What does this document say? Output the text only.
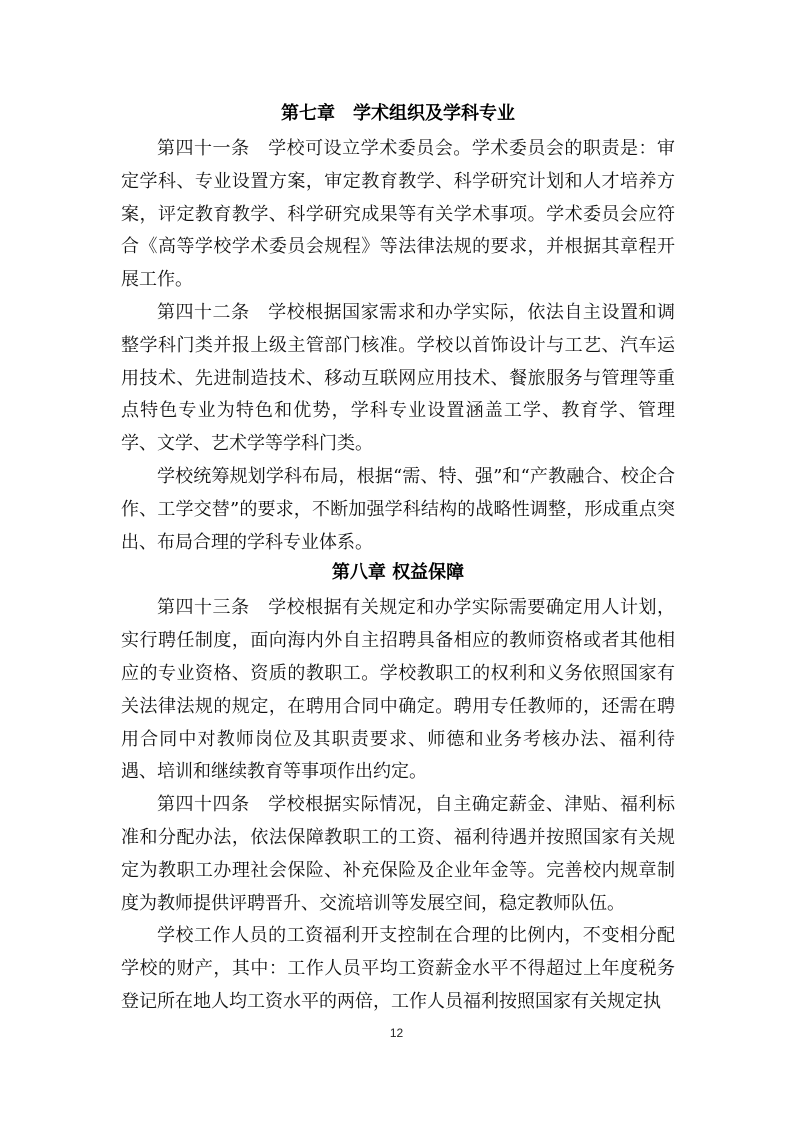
第七章　学术组织及学科专业

第四十一条　学校可设立学术委员会。学术委员会的职责是：审定学科、专业设置方案，审定教育教学、科学研究计划和人才培养方案，评定教育教学、科学研究成果等有关学术事项。学术委员会应符合《高等学校学术委员会规程》等法律法规的要求，并根据其章程开展工作。

第四十二条　学校根据国家需求和办学实际，依法自主设置和调整学科门类并报上级主管部门核准。学校以首饰设计与工艺、汽车运用技术、先进制造技术、移动互联网应用技术、餐旅服务与管理等重点特色专业为特色和优势，学科专业设置涵盖工学、教育学、管理学、文学、艺术学等学科门类。

学校统筹规划学科布局，根据“需、特、强”和“产教融合、校企合作、工学交替”的要求，不断加强学科结构的战略性调整，形成重点突出、布局合理的学科专业体系。

第八章 权益保障

第四十三条　学校根据有关规定和办学实际需要确定用人计划，实行聘任制度，面向海内外自主招聘具备相应的教师资格或者其他相应的专业资格、资质的教职工。学校教职工的权利和义务依照国家有关法律法规的规定，在聘用合同中确定。聘用专任教师的，还需在聘用合同中对教师岗位及其职责要求、师德和业务考核办法、福利待遇、培训和继续教育等事项作出约定。

第四十四条　学校根据实际情况，自主确定薪金、津贴、福利标准和分配办法，依法保障教职工的工资、福利待遇并按照国家有关规定为教职工办理社会保险、补充保险及企业年金等。完善校内规章制度为教师提供评聘晋升、交流培训等发展空间，稳定教师队伍。

学校工作人员的工资福利开支控制在合理的比例内，不变相分配学校的财产，其中：工作人员平均工资薪金水平不得超过上年度税务登记所在地人均工资水平的两倍，工作人员福利按照国家有关规定执

12
